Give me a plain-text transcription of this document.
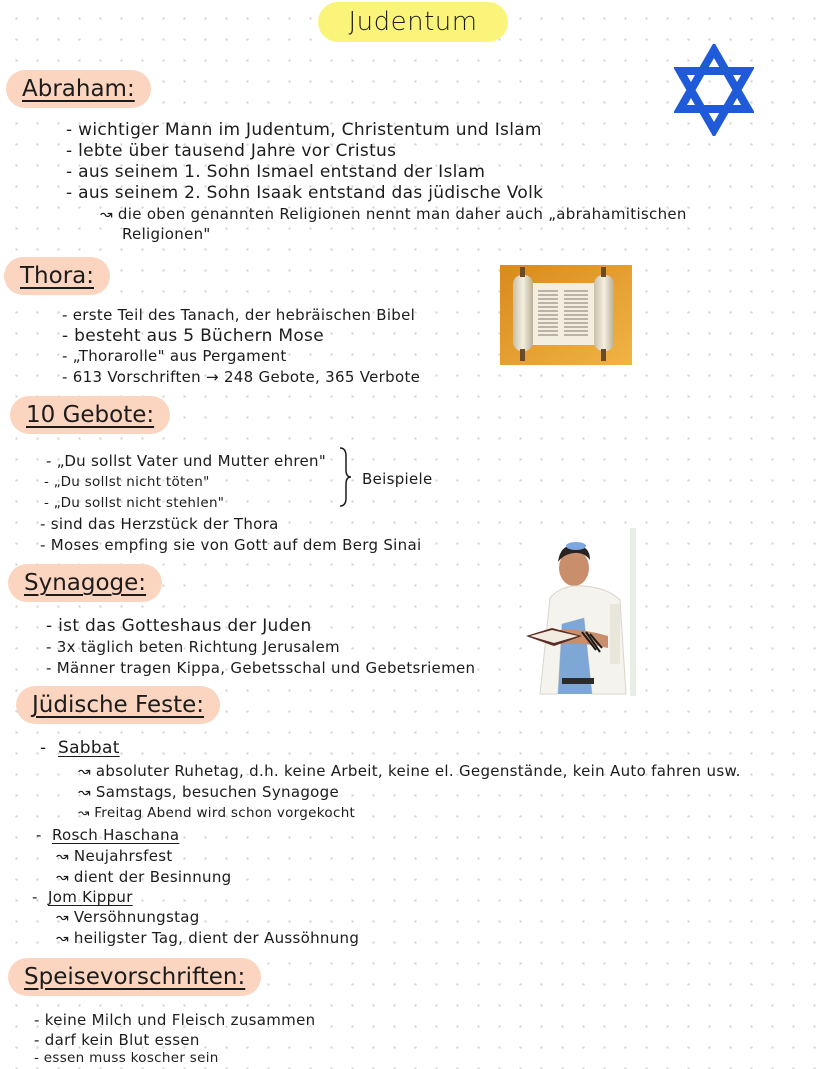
Judentum
Abraham:
- wichtiger Mann im Judentum, Christentum und Islam
- lebte über tausend Jahre vor Cristus
- aus seinem 1. Sohn Ismael entstand der Islam
- aus seinem 2. Sohn Isaak entstand das jüdische Volk
↝ die oben genannten Religionen nennt man daher auch „abrahamitischen
Religionen"
Thora:
- erste Teil des Tanach, der hebräischen Bibel
- besteht aus 5 Büchern Mose
- „Thorarolle" aus Pergament
- 613 Vorschriften → 248 Gebote, 365 Verbote
10 Gebote:
- „Du sollst Vater und Mutter ehren"
- „Du sollst nicht töten"
- „Du sollst nicht stehlen"
Beispiele
- sind das Herzstück der Thora
- Moses empfing sie von Gott auf dem Berg Sinai
Synagoge:
- ist das Gotteshaus der Juden
- 3x täglich beten Richtung Jerusalem
- Männer tragen Kippa, Gebetsschal und Gebetsriemen
Jüdische Feste:
- Sabbat
↝ absoluter Ruhetag, d.h. keine Arbeit, keine el. Gegenstände, kein Auto fahren usw.
↝ Samstags, besuchen Synagoge
↝ Freitag Abend wird schon vorgekocht
- Rosch Haschana
↝ Neujahrsfest
↝ dient der Besinnung
- Jom Kippur
↝ Versöhnungstag
↝ heiligster Tag, dient der Aussöhnung
Speisevorschriften:
- keine Milch und Fleisch zusammen
- darf kein Blut essen
- essen muss koscher sein
